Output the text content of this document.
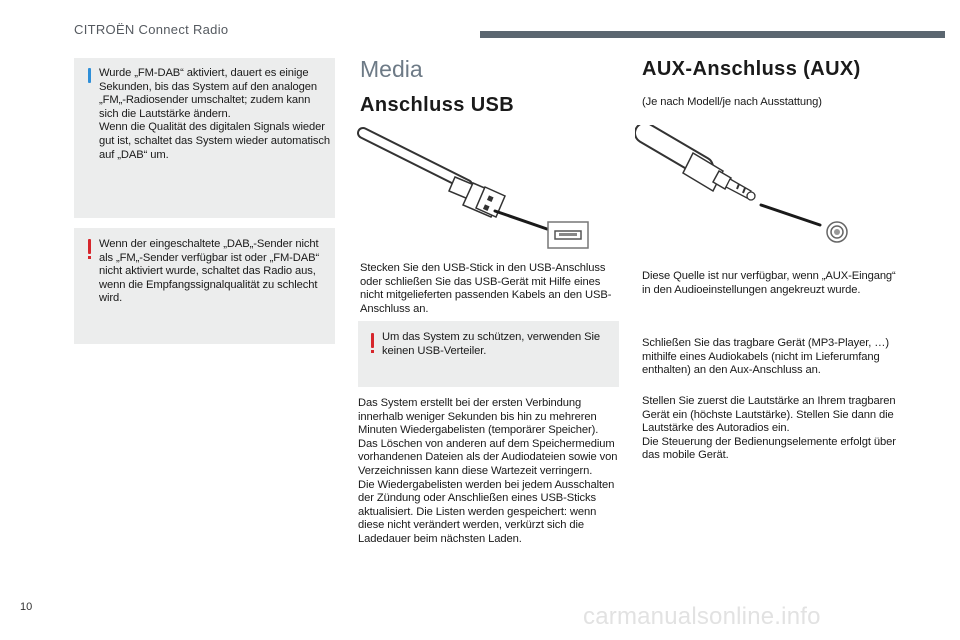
CITROËN Connect Radio

Wurde „FM-DAB“ aktiviert, dauert es einige Sekunden, bis das System auf den analogen „FM„-Radiosender umschaltet; zudem kann sich die Lautstärke ändern.
Wenn die Qualität des digitalen Signals wieder gut ist, schaltet das System wieder automatisch auf „DAB“ um.

Wenn der eingeschaltete „DAB„-Sender nicht als „FM„-Sender verfügbar ist oder „FM-DAB“ nicht aktiviert wurde, schaltet das Radio aus, wenn die Empfangssignalqualität zu schlecht wird.

Media
Anschluss USB

Stecken Sie den USB-Stick in den USB-Anschluss oder schließen Sie das USB-Gerät mit Hilfe eines nicht mitgelieferten passenden Kabels an den USB-Anschluss an.

Um das System zu schützen, verwenden Sie keinen USB-Verteiler.

Das System erstellt bei der ersten Verbindung innerhalb weniger Sekunden bis hin zu mehreren Minuten Wiedergabelisten (temporärer Speicher).
Das Löschen von anderen auf dem Speichermedium vorhandenen Dateien als der Audiodateien sowie von Verzeichnissen kann diese Wartezeit verringern.
Die Wiedergabelisten werden bei jedem Ausschalten der Zündung oder Anschließen eines USB-Sticks aktualisiert. Die Listen werden gespeichert: wenn diese nicht verändert werden, verkürzt sich die Ladedauer beim nächsten Laden.

AUX-Anschluss (AUX)

(Je nach Modell/je nach Ausstattung)

Diese Quelle ist nur verfügbar, wenn „AUX-Eingang“ in den Audioeinstellungen angekreuzt wurde.

Schließen Sie das tragbare Gerät (MP3-Player, …) mithilfe eines Audiokabels (nicht im Lieferumfang enthalten) an den Aux-Anschluss an.

Stellen Sie zuerst die Lautstärke an Ihrem tragbaren Gerät ein (höchste Lautstärke). Stellen Sie dann die Lautstärke des Autoradios ein.
Die Steuerung der Bedienungselemente erfolgt über das mobile Gerät.

10	carmanualsonline.info
